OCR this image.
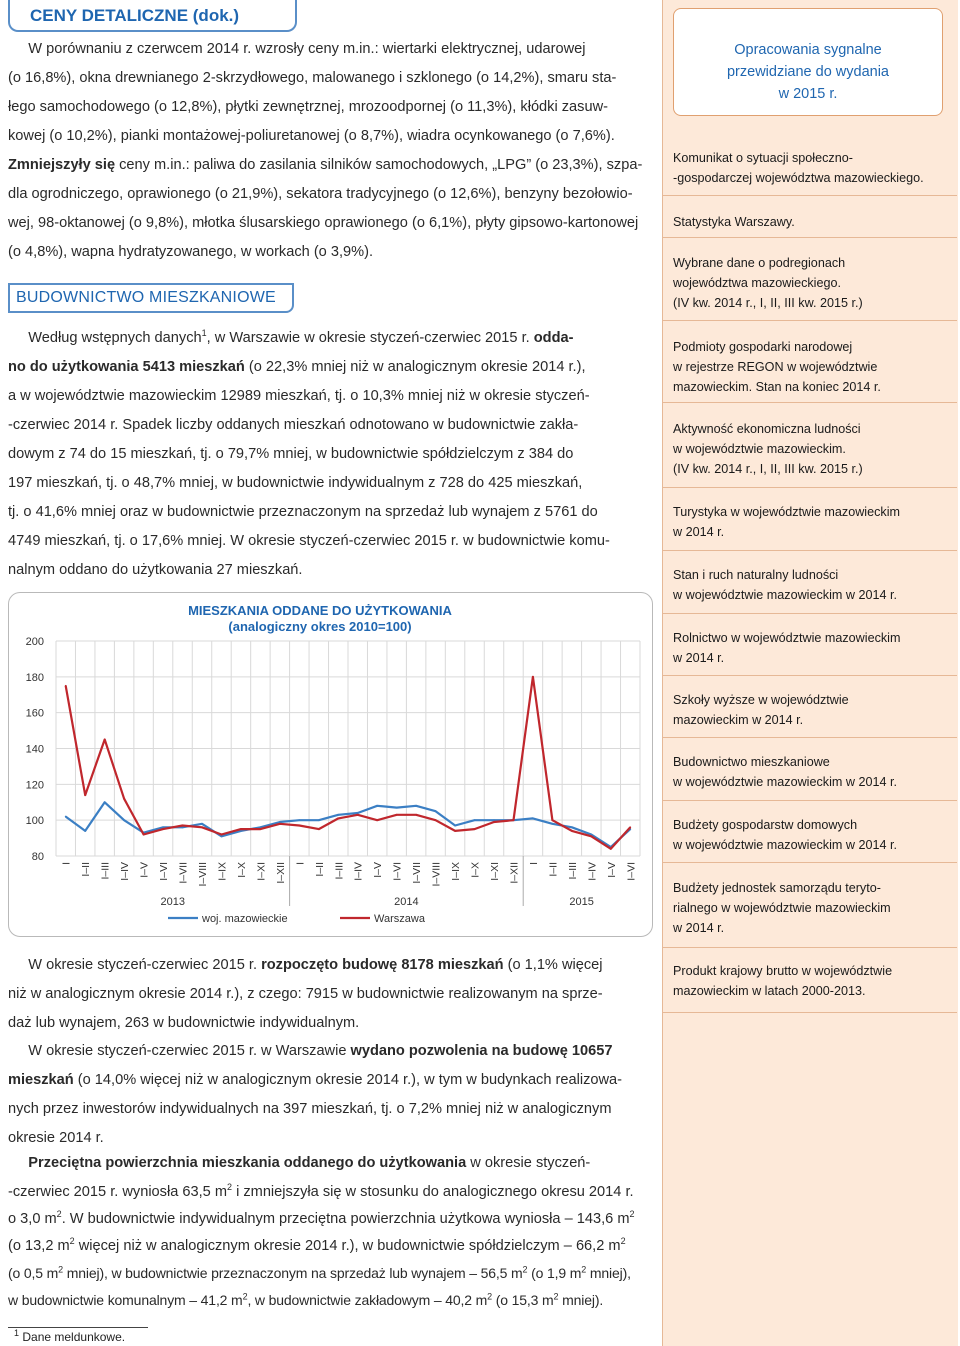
CENY DETALICZNE (dok.)

W porównaniu z czerwcem 2014 r. wzrosły ceny m.in.: wiertarki elektrycznej, udarowej

(o 16,8%), okna drewnianego 2-skrzydłowego, malowanego i szklonego (o 14,2%), smaru sta-

łego samochodowego (o 12,8%), płytki zewnętrznej, mrozoodpornej (o 11,3%), kłódki zasuw-

kowej (o 10,2%), pianki montażowej-poliuretanowej (o 8,7%), wiadra ocynkowanego (o 7,6%).

Zmniejszyły się ceny m.in.: paliwa do zasilania silników samochodowych, „LPG” (o 23,3%), szpa-

dla ogrodniczego, oprawionego (o 21,9%), sekatora tradycyjnego (o 12,6%), benzyny bezołowio-

wej, 98-oktanowej (o 9,8%), młotka ślusarskiego oprawionego (o 6,1%), płyty gipsowo-kartonowej

(o 4,8%), wapna hydratyzowanego, w workach (o 3,9%).

BUDOWNICTWO MIESZKANIOWE

Według wstępnych danych$^1$, w Warszawie w okresie styczeń-czerwiec 2015 r. odda-

no do użytkowania 5413 mieszkań (o 22,3% mniej niż w analogicznym okresie 2014 r.),

a w województwie mazowieckim 12989 mieszkań, tj. o 10,3% mniej niż w okresie styczeń-

-czerwiec 2014 r. Spadek liczby oddanych mieszkań odnotowano w budownictwie zakła-

dowym z 74 do 15 mieszkań, tj. o 79,7% mniej, w budownictwie spółdzielczym z 384 do

197 mieszkań, tj. o 48,7% mniej, w budownictwie indywidualnym z 728 do 425 mieszkań,

tj. o 41,6% mniej oraz w budownictwie przeznaczonym na sprzedaż lub wynajem z 5761 do

4749 mieszkań, tj. o 17,6% mniej. W okresie styczeń-czerwiec 2015 r. w budownictwie komu-

nalnym oddano do użytkowania 27 mieszkań.

MIESZKANIA ODDANE DO UŻYTKOWANIA
(analogiczny okres 2010=100)
80
100
120
140
160
180
200
I I–II I–III I–IV I–V I–VI I–VII I–VIII I–IX I–X I–XI I–XII I I–II I–III I–IV I–V I–VI I–VII I–VIII I–IX I–X I–XI I–XII I I–II I–III I–IV I–V I–VI
2013	2014	2015
woj. mazowieckie	Warszawa

W okresie styczeń-czerwiec 2015 r. rozpoczęto budowę 8178 mieszkań (o 1,1% więcej

niż w analogicznym okresie 2014 r.), z czego: 7915 w budownictwie realizowanym na sprze-

daż lub wynajem, 263 w budownictwie indywidualnym.

W okresie styczeń-czerwiec 2015 r. w Warszawie wydano pozwolenia na budowę 10657

mieszkań (o 14,0% więcej niż w analogicznym okresie 2014 r.), w tym w budynkach realizowa-

nych przez inwestorów indywidualnych na 397 mieszkań, tj. o 7,2% mniej niż w analogicznym

okresie 2014 r.

Przeciętna powierzchnia mieszkania oddanego do użytkowania w okresie styczeń-

-czerwiec 2015 r. wyniosła 63,5 $m^2$ i zmniejszyła się w stosunku do analogicznego okresu 2014 r.

o 3,0 $m^2$. W budownictwie indywidualnym przeciętna powierzchnia użytkowa wyniosła – 143,6 $m^2$

(o 13,2 $m^2$ więcej niż w analogicznym okresie 2014 r.), w budownictwie spółdzielczym – 66,2 $m^2$

(o 0,5 $m^2$ mniej), w budownictwie przeznaczonym na sprzedaż lub wynajem – 56,5 $m^2$ (o 1,9 $m^2$ mniej),

w budownictwie komunalnym – 41,2 $m^2$, w budownictwie zakładowym – 40,2 $m^2$ (o 15,3 $m^2$ mniej).

$^1$ Dane meldunkowe.
Opracowania sygnalne
przewidziane do wydania
w 2015 r.
Komunikat o sytuacji społeczno-
-gospodarczej województwa mazowieckiego.
Statystyka Warszawy.
Wybrane dane o podregionach
województwa mazowieckiego.
(IV kw. 2014 r., I, II, III kw. 2015 r.)
Podmioty gospodarki narodowej
w rejestrze REGON w województwie
mazowieckim. Stan na koniec 2014 r.
Aktywność ekonomiczna ludności
w województwie mazowieckim.
(IV kw. 2014 r., I, II, III kw. 2015 r.)
Turystyka w województwie mazowieckim
w 2014 r.
Stan i ruch naturalny ludności
w województwie mazowieckim w 2014 r.
Rolnictwo w województwie mazowieckim
w 2014 r.
Szkoły wyższe w województwie
mazowieckim w 2014 r.
Budownictwo mieszkaniowe
w województwie mazowieckim w 2014 r.
Budżety gospodarstw domowych
w województwie mazowieckim w 2014 r.
Budżety jednostek samorządu teryto-
rialnego w województwie mazowieckim
w 2014 r.
Produkt krajowy brutto w województwie
mazowieckim w latach 2000-2013.
